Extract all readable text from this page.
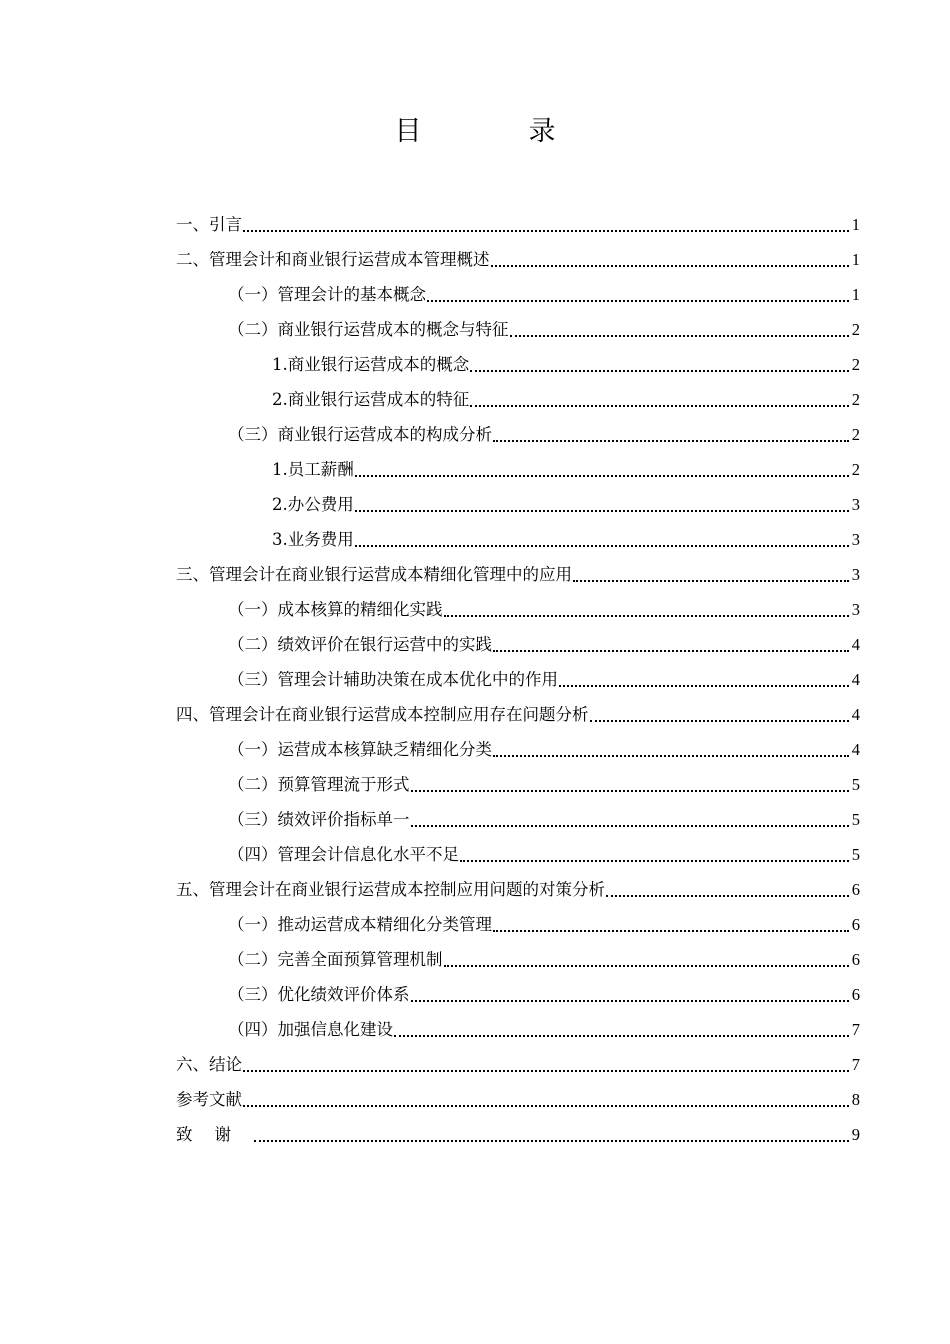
目　录
一、引言	1
二、管理会计和商业银行运营成本管理概述	1
（一）管理会计的基本概念	1
（二）商业银行运营成本的概念与特征	2
1.商业银行运营成本的概念	2
2.商业银行运营成本的特征	2
（三）商业银行运营成本的构成分析	2
1.员工薪酬	2
2.办公费用	3
3.业务费用	3
三、管理会计在商业银行运营成本精细化管理中的应用	3
（一）成本核算的精细化实践	3
（二）绩效评价在银行运营中的实践	4
（三）管理会计辅助决策在成本优化中的作用	4
四、管理会计在商业银行运营成本控制应用存在问题分析	4
（一）运营成本核算缺乏精细化分类	4
（二）预算管理流于形式	5
（三）绩效评价指标单一	5
（四）管理会计信息化水平不足	5
五、管理会计在商业银行运营成本控制应用问题的对策分析	6
（一）推动运营成本精细化分类管理	6
（二）完善全面预算管理机制	6
（三）优化绩效评价体系	6
（四）加强信息化建设	7
六、结论	7
参考文献	8
致谢	9
